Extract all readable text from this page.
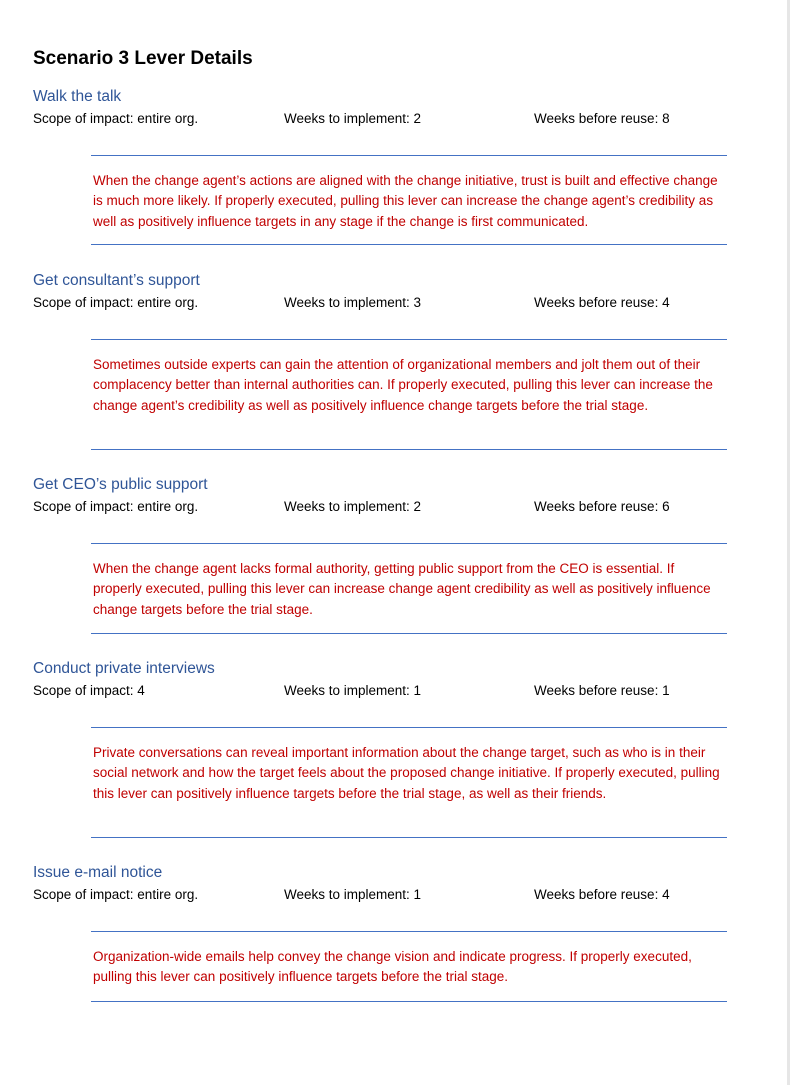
Scenario 3 Lever Details
Walk the talk
Scope of impact: entire org.	Weeks to implement: 2	Weeks before reuse: 8
When the change agent’s actions are aligned with the change initiative, trust is built and effective change is much more likely. If properly executed, pulling this lever can increase the change agent’s credibility as well as positively influence targets in any stage if the change is first communicated.
Get consultant’s support
Scope of impact: entire org.	Weeks to implement: 3	Weeks before reuse: 4
Sometimes outside experts can gain the attention of organizational members and jolt them out of their complacency better than internal authorities can. If properly executed, pulling this lever can increase the change agent’s credibility as well as positively influence change targets before the trial stage.
Get CEO’s public support
Scope of impact: entire org.	Weeks to implement: 2	Weeks before reuse: 6
When the change agent lacks formal authority, getting public support from the CEO is essential. If properly executed, pulling this lever can increase change agent credibility as well as positively influence change targets before the trial stage.
Conduct private interviews
Scope of impact: 4	Weeks to implement: 1	Weeks before reuse: 1
Private conversations can reveal important information about the change target, such as who is in their social network and how the target feels about the proposed change initiative. If properly executed, pulling this lever can positively influence targets before the trial stage, as well as their friends.
Issue e-mail notice
Scope of impact: entire org.	Weeks to implement: 1	Weeks before reuse: 4
Organization-wide emails help convey the change vision and indicate progress. If properly executed, pulling this lever can positively influence targets before the trial stage.
